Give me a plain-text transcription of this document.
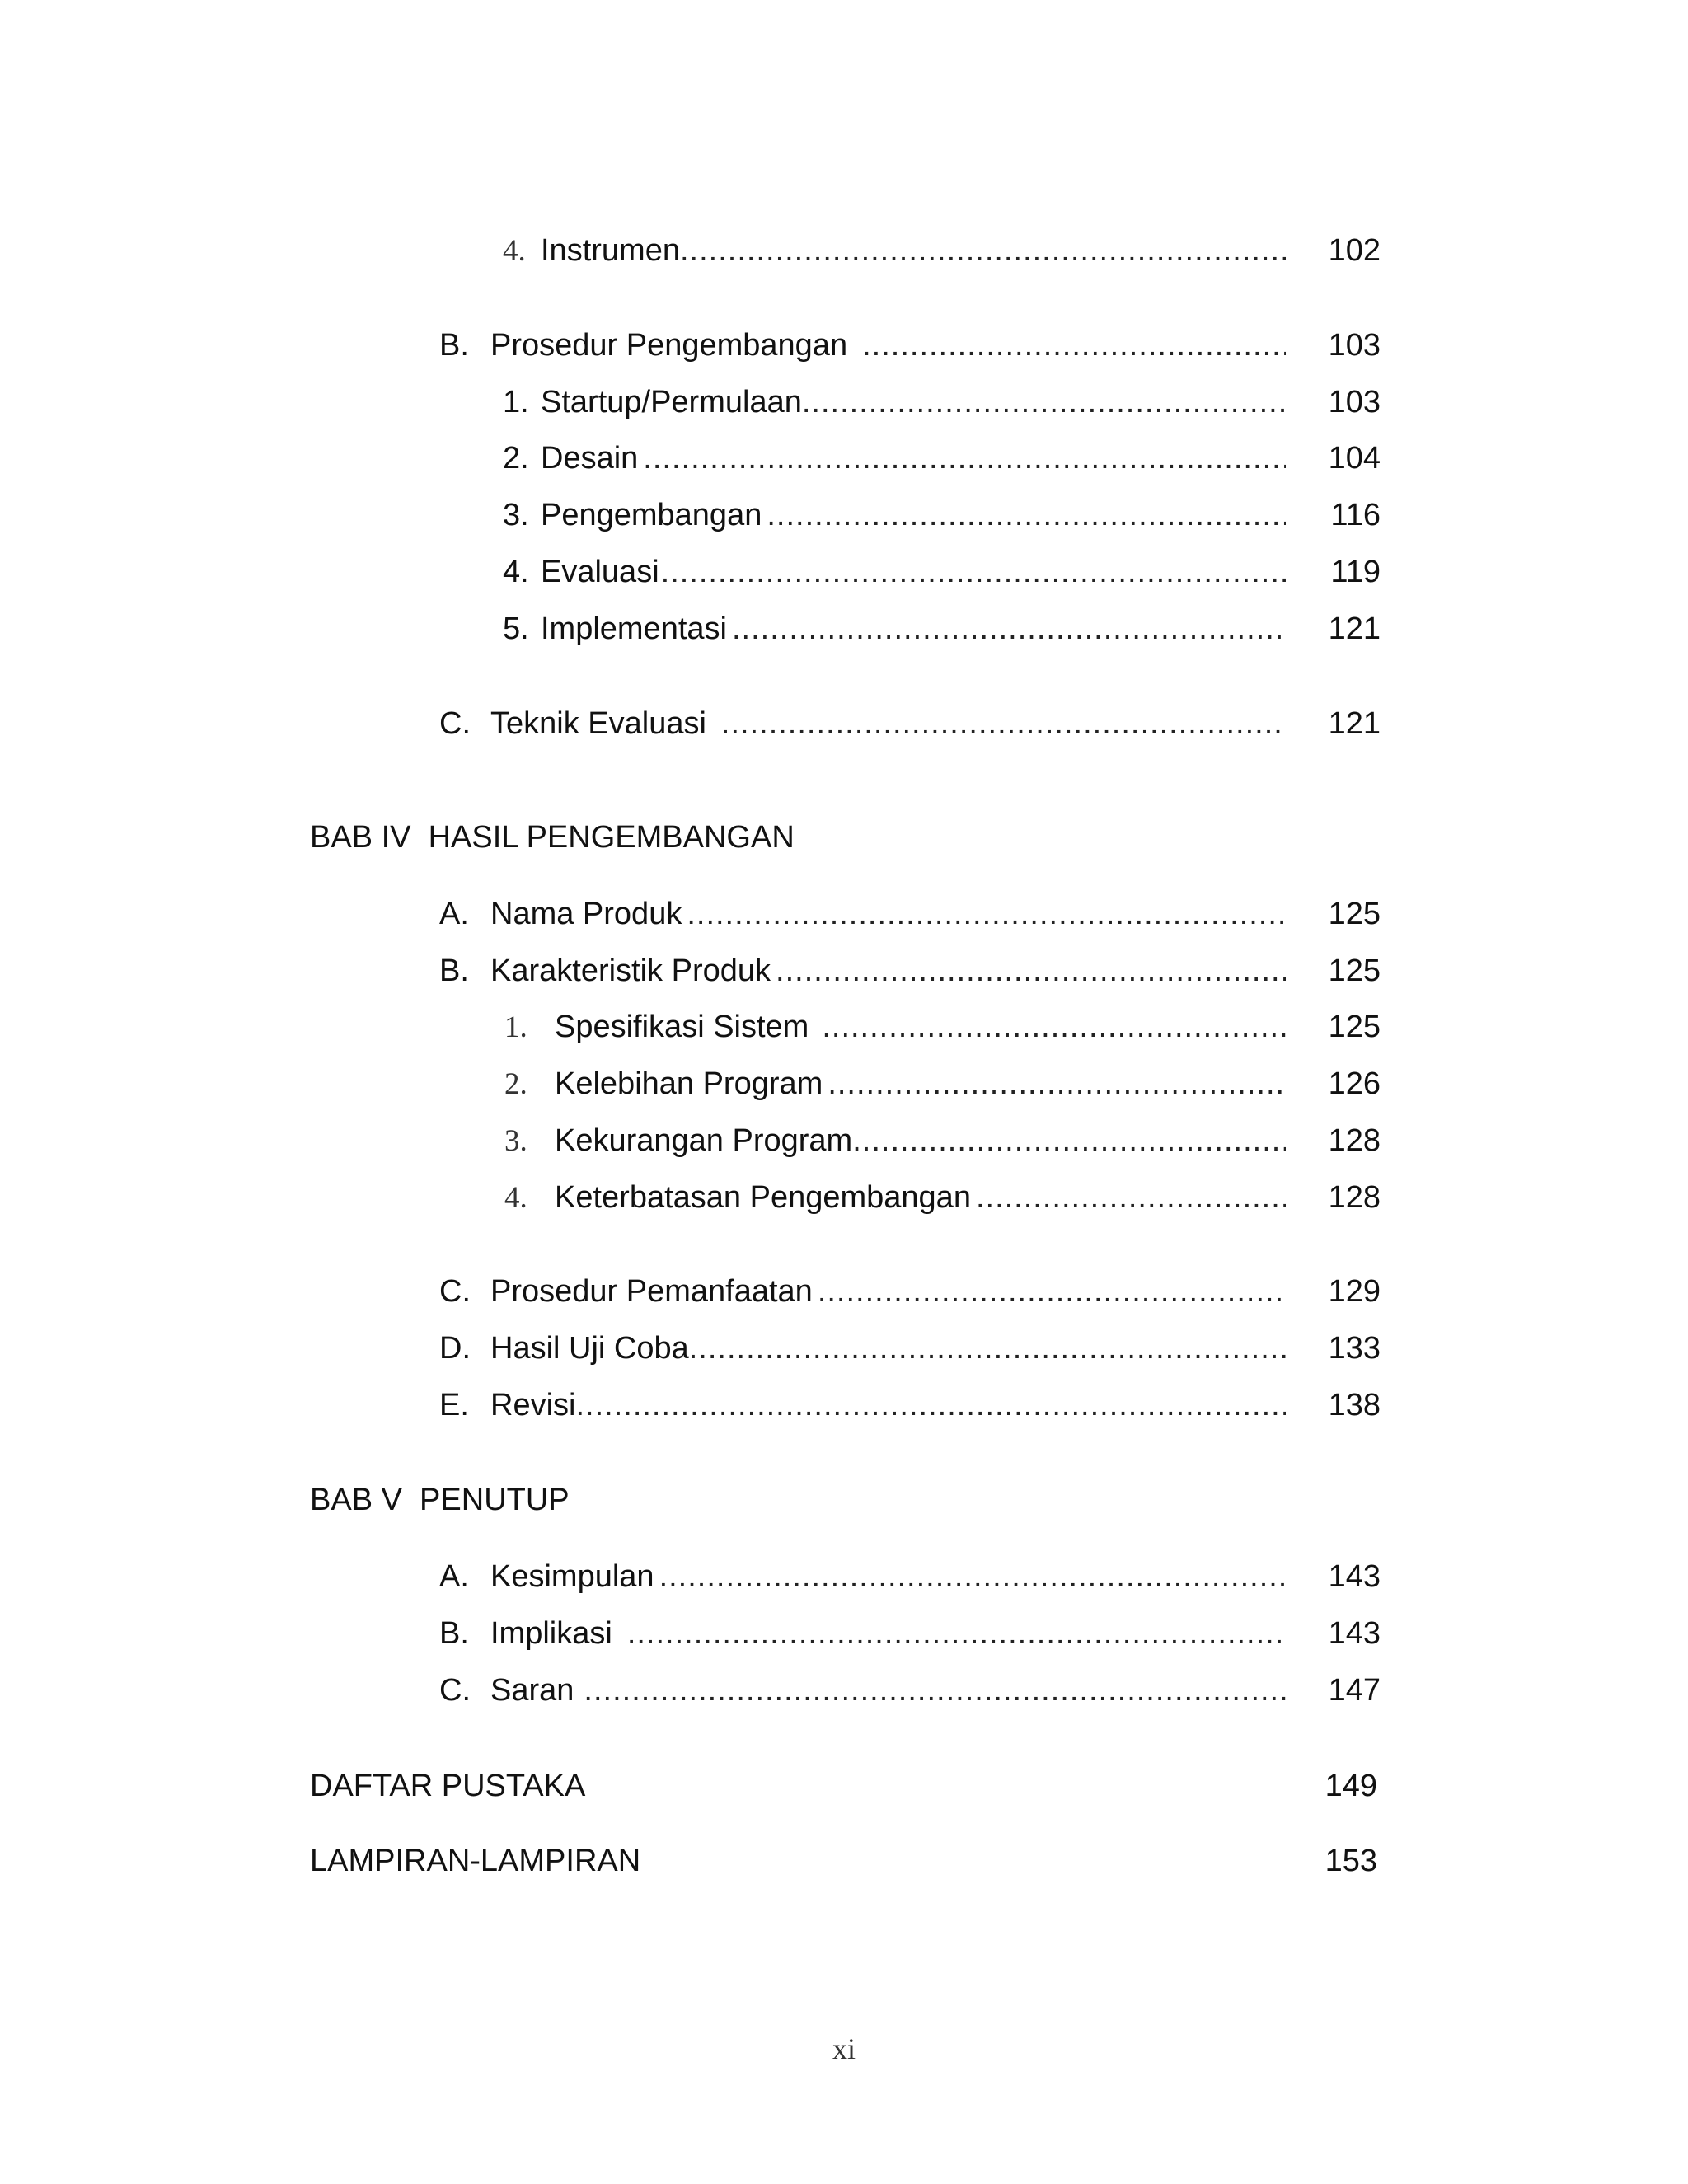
4. Instrumen .....	102
B. Prosedur Pengembangan .....	103
1. Startup/Permulaan .....	103
2. Desain .....	104
3. Pengembangan .....	116
4. Evaluasi .....	119
5. Implementasi .....	121
C. Teknik Evaluasi .....	121
BAB IV  HASIL PENGEMBANGAN
A. Nama Produk .....	125
B. Karakteristik Produk .....	125
1. Spesifikasi Sistem .....	125
2. Kelebihan Program .....	126
3. Kekurangan Program .....	128
4. Keterbatasan Pengembangan .....	128
C. Prosedur Pemanfaatan .....	129
D. Hasil Uji Coba .....	133
E. Revisi .....	138
BAB V  PENUTUP
A. Kesimpulan .....	143
B. Implikasi .....	143
C. Saran .....	147
DAFTAR PUSTAKA	149
LAMPIRAN-LAMPIRAN	153
xi
